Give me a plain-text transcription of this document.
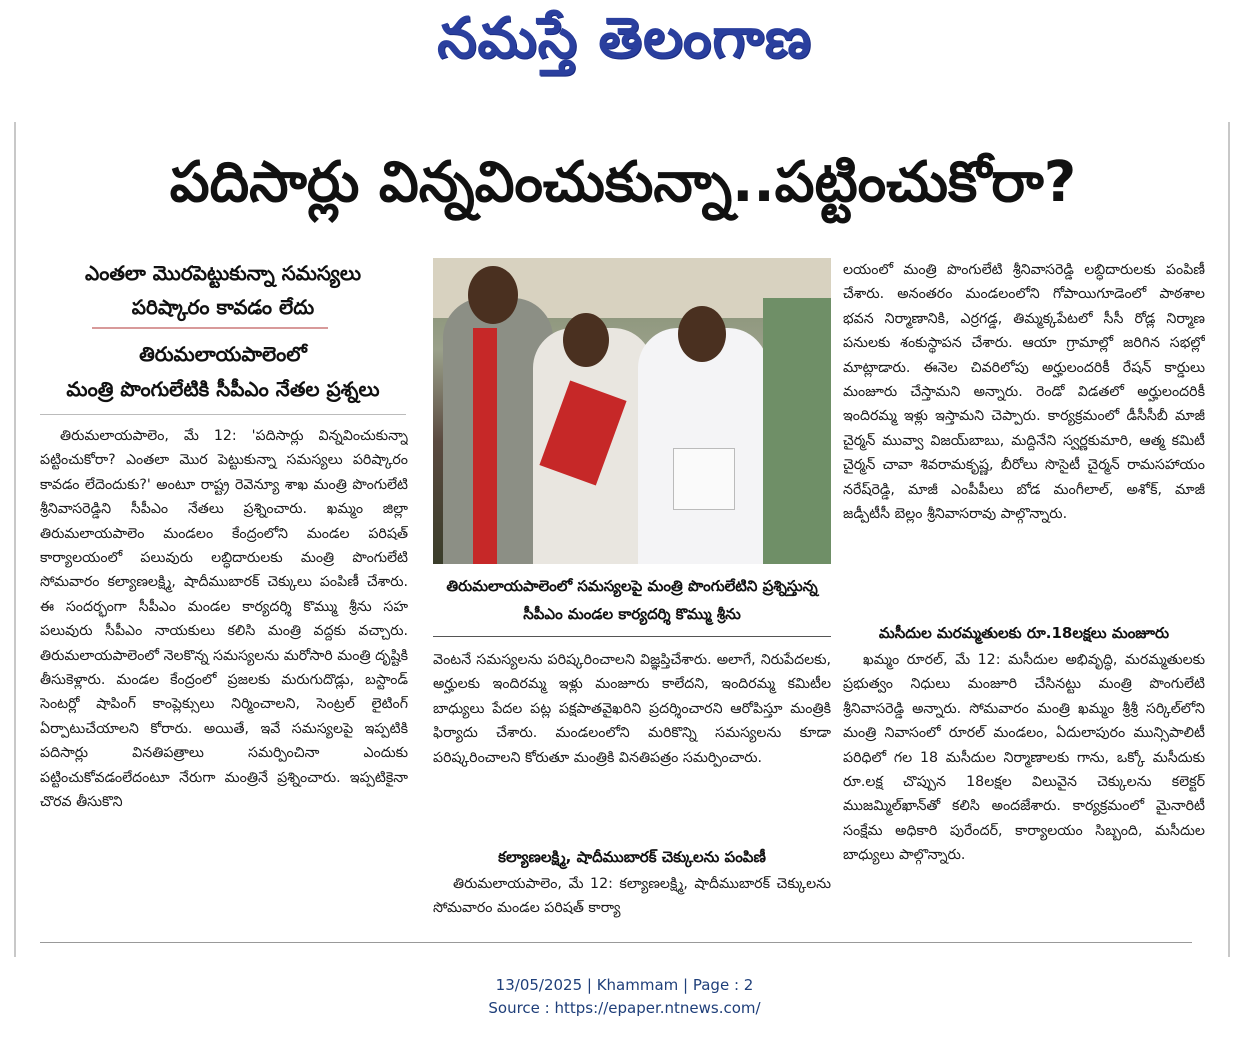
నమస్తే తెలంగాణ
పదిసార్లు విన్నవించుకున్నా..పట్టించుకోరా?
ఎంతలా మొరపెట్టుకున్నా సమస్యలు
పరిష్కారం కావడం లేదు
తిరుమలాయపాలెంలో
మంత్రి పొంగులేటికి సీపీఎం నేతల ప్రశ్నలు
తిరుమలాయపాలెం, మే 12: 'పదిసార్లు విన్నవించుకున్నా పట్టించుకోరా? ఎంతలా మొర పెట్టుకున్నా సమస్యలు పరిష్కారం కావడం లేదెందుకు?' అంటూ రాష్ట్ర రెవెన్యూ శాఖ మంత్రి పొంగులేటి శ్రీనివాసరెడ్డిని సీపీఎం నేతలు ప్రశ్నించారు. ఖమ్మం జిల్లా తిరుమలాయపాలెం మండలం కేంద్రంలోని మండల పరిషత్ కార్యాలయంలో పలువురు లబ్ధిదారులకు మంత్రి పొంగులేటి సోమవారం కల్యాణలక్ష్మి, షాదీముబారక్ చెక్కులు పంపిణీ చేశారు. ఈ సందర్భంగా సీపీఎం మండల కార్యదర్శి కొమ్ము శ్రీను సహ పలువురు సీపీఎం నాయకులు కలిసి మంత్రి వద్దకు వచ్చారు. తిరుమలాయపాలెంలో నెలకొన్న సమస్యలను మరోసారి మంత్రి దృష్టికి తీసుకెళ్లారు. మండల కేంద్రంలో ప్రజలకు మరుగుదొడ్లు, బస్టాండ్ సెంటర్లో షాపింగ్ కాంప్లెక్సులు నిర్మించాలని, సెంట్రల్ లైటింగ్ ఏర్పాటుచేయాలని కోరారు. అయితే, ఇవే సమస్యలపై ఇప్పటికి పదిసార్లు వినతిపత్రాలు సమర్పించినా ఎందుకు పట్టించుకోవడంలేదంటూ నేరుగా మంత్రినే ప్రశ్నించారు. ఇప్పటికైనా చొరవ తీసుకొని
తిరుమలాయపాలెంలో సమస్యలపై మంత్రి పొంగులేటిని ప్రశ్నిస్తున్న సీపీఎం మండల కార్యదర్శి కొమ్ము శ్రీను
వెంటనే సమస్యలను పరిష్కరించాలని విజ్ఞప్తిచేశారు. అలాగే, నిరుపేదలకు, అర్హులకు ఇందిరమ్మ ఇళ్లు మంజూరు కాలేదని, ఇందిరమ్మ కమిటీల బాధ్యులు పేదల పట్ల పక్షపాతవైఖరిని ప్రదర్శించారని ఆరోపిస్తూ మంత్రికి ఫిర్యాదు చేశారు. మండలంలోని మరికొన్ని సమస్యలను కూడా పరిష్కరించాలని కోరుతూ మంత్రికి వినతిపత్రం సమర్పించారు.
కల్యాణలక్ష్మి, షాదీముబారక్ చెక్కులను పంపిణీ
తిరుమలాయపాలెం, మే 12: కల్యాణలక్ష్మి, షాదీముబారక్ చెక్కులను సోమవారం మండల పరిషత్ కార్యా
లయంలో మంత్రి పొంగులేటి శ్రీనివాసరెడ్డి లబ్ధిదారులకు పంపిణీ చేశారు. అనంతరం మండలంలోని గోపాయిగూడెంలో పాఠశాల భవన నిర్మాణానికి, ఎర్రగడ్డ, తిమ్మక్కపేటలో సీసీ రోడ్ల నిర్మాణ పనులకు శంకుస్థాపన చేశారు. ఆయా గ్రామాల్లో జరిగిన సభల్లో మాట్లాడారు. ఈనెల చివరిలోపు అర్హులందరికీ రేషన్ కార్డులు మంజూరు చేస్తామని అన్నారు. రెండో విడతలో అర్హులందరికీ ఇందిరమ్మ ఇళ్లు ఇస్తామని చెప్పారు. కార్యక్రమంలో డీసీసీబీ మాజీ చైర్మన్ మువ్వా విజయ్‌బాబు, మద్దినేని స్వర్ణకుమారి, ఆత్మ కమిటీ చైర్మన్ చావా శివరామకృష్ణ, బీరోలు సొసైటీ చైర్మన్ రామసహాయం నరేష్‌రెడ్డి, మాజీ ఎంపీపీలు బోడ మంగీలాల్, అశోక్, మాజీ జడ్పీటీసీ బెల్లం శ్రీనివాసరావు పాల్గొన్నారు.
మసీదుల మరమ్మతులకు రూ.18లక్షలు మంజూరు
ఖమ్మం రూరల్, మే 12: మసీదుల అభివృద్ధి, మరమ్మతులకు ప్రభుత్వం నిధులు మంజూరి చేసినట్టు మంత్రి పొంగులేటి శ్రీనివాసరెడ్డి అన్నారు. సోమవారం మంత్రి ఖమ్మం శ్రీశ్రీ సర్కిల్‌లోని మంత్రి నివాసంలో రూరల్ మండలం, ఏదులాపురం మున్సిపాలిటీ పరిధిలో గల 18 మసీదుల నిర్మాణాలకు గాను, ఒక్కో మసీదుకు రూ.లక్ష చొప్పున 18లక్షల విలువైన చెక్కులను కలెక్టర్ ముజమ్మిల్‌ఖాన్‌తో కలిసి అందజేశారు. కార్యక్రమంలో మైనారిటీ సంక్షేమ అధికారి పురేందర్, కార్యాలయం సిబ్బంది, మసీదుల బాధ్యులు పాల్గొన్నారు.
13/05/2025 | Khammam | Page : 2
Source : https://epaper.ntnews.com/
